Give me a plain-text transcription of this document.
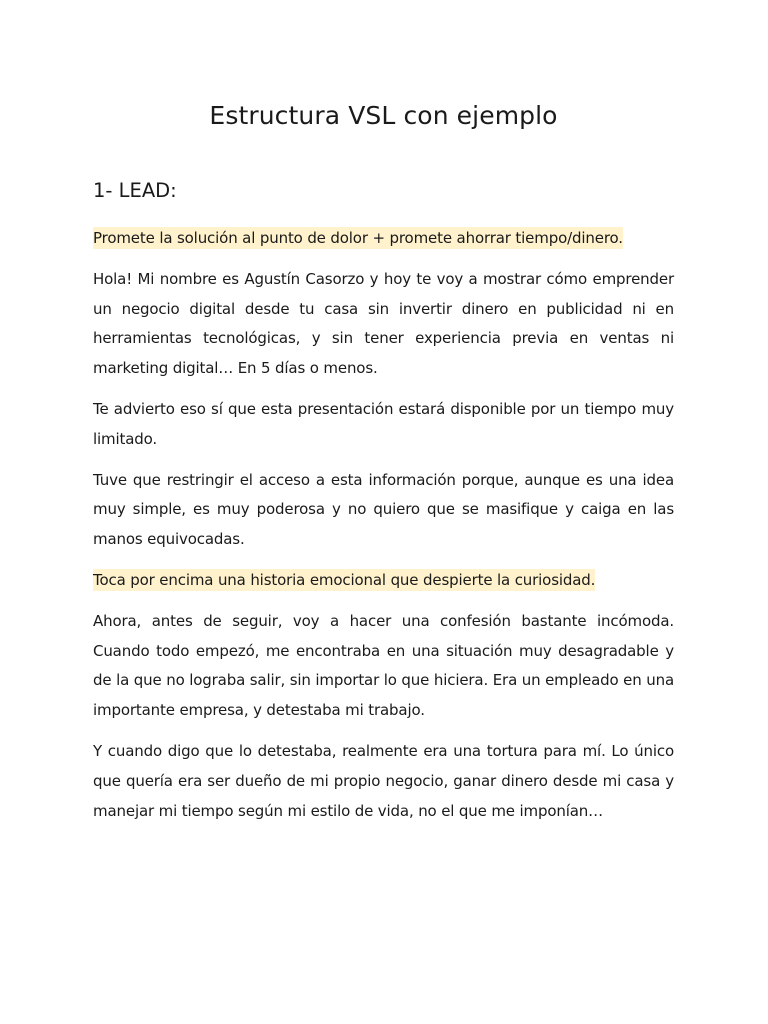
Estructura VSL con ejemplo
1- LEAD:

Promete la solución al punto de dolor + promete ahorrar tiempo/dinero.

Hola! Mi nombre es Agustín Casorzo y hoy te voy a mostrar cómo emprender un negocio digital desde tu casa sin invertir dinero en publicidad ni en herramientas tecnológicas, y sin tener experiencia previa en ventas ni marketing digital… En 5 días o menos.

Te advierto eso sí que esta presentación estará disponible por un tiempo muy limitado.

Tuve que restringir el acceso a esta información porque, aunque es una idea muy simple, es muy poderosa y no quiero que se masifique y caiga en las manos equivocadas.

Toca por encima una historia emocional que despierte la curiosidad.

Ahora, antes de seguir, voy a hacer una confesión bastante incómoda. Cuando todo empezó, me encontraba en una situación muy desagradable y de la que no lograba salir, sin importar lo que hiciera. Era un empleado en una importante empresa, y detestaba mi trabajo.

Y cuando digo que lo detestaba, realmente era una tortura para mí. Lo único que quería era ser dueño de mi propio negocio, ganar dinero desde mi casa y manejar mi tiempo según mi estilo de vida, no el que me imponían…
